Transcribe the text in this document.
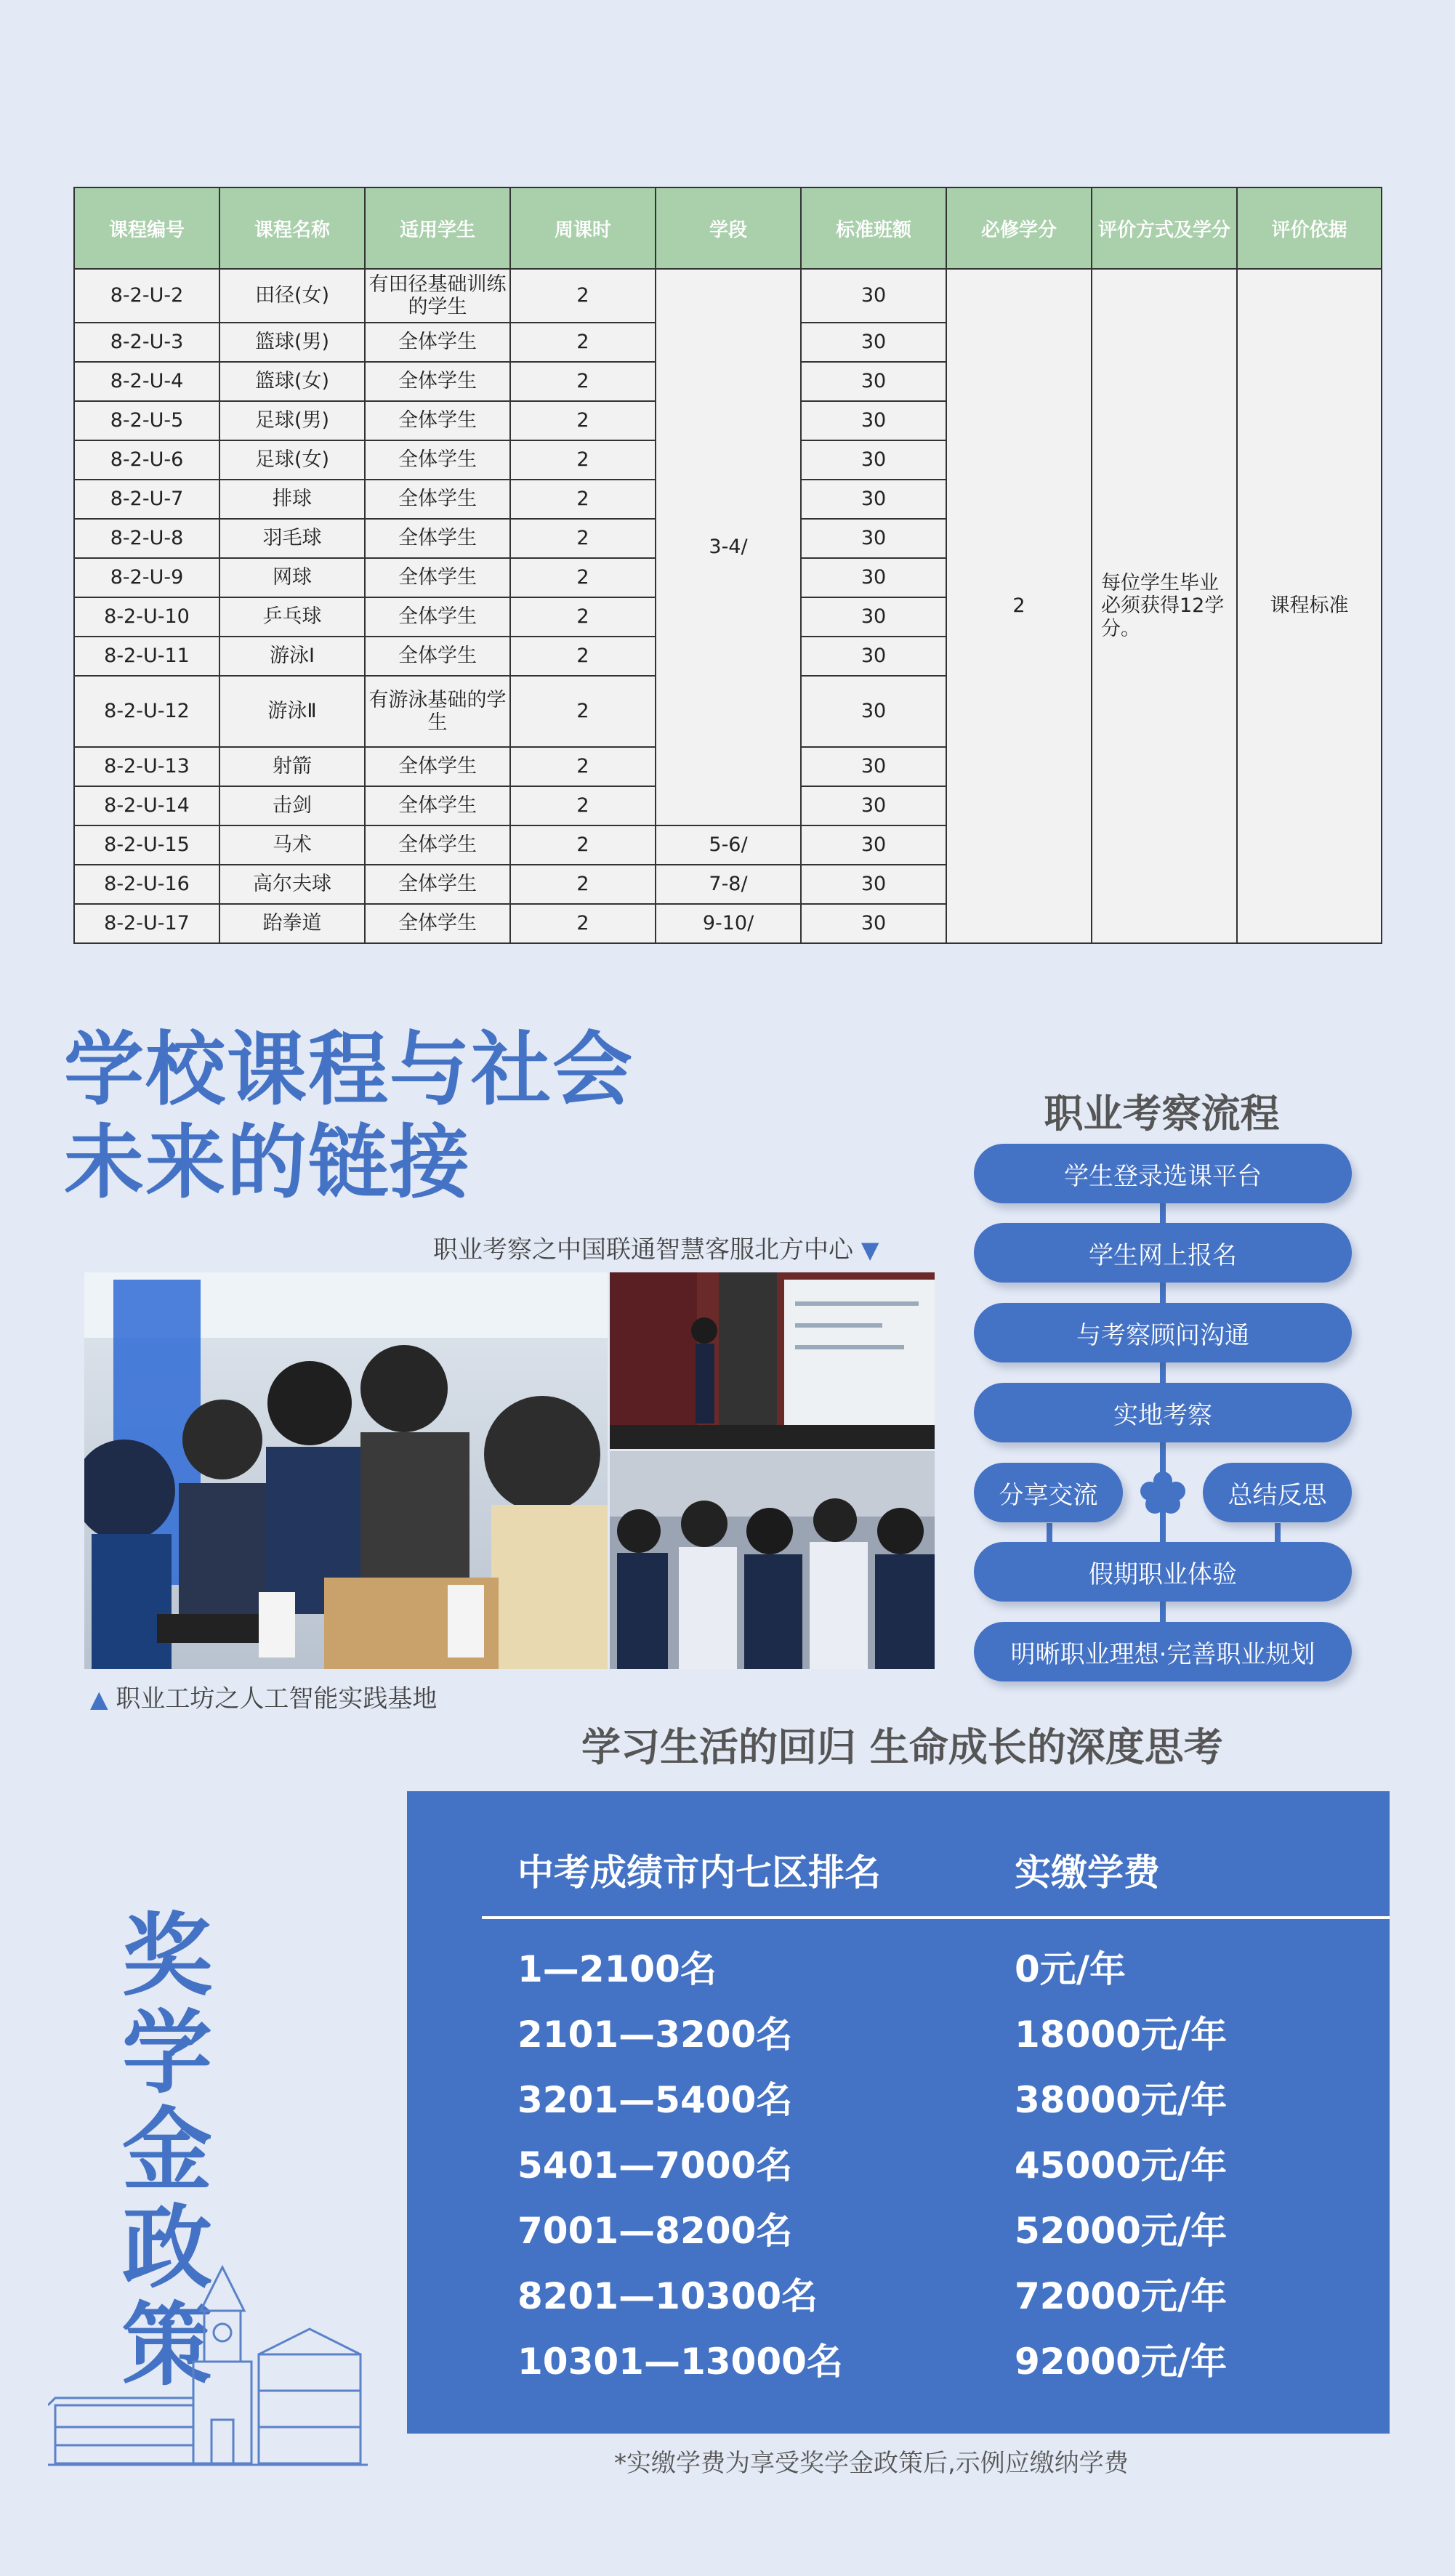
课程编号	课程名称	适用学生	周课时	学段	标准班额	必修学分	评价方式及学分	评价依据
8-2-U-2	田径(女)	有田径基础训练的学生	2	3-4/	30	2	每位学生毕业必须获得12学分。	课程标准
8-2-U-3	篮球(男)	全体学生	2		30			
8-2-U-4	篮球(女)	全体学生	2		30			
8-2-U-5	足球(男)	全体学生	2		30			
8-2-U-6	足球(女)	全体学生	2		30			
8-2-U-7	排球	全体学生	2		30			
8-2-U-8	羽毛球	全体学生	2		30			
8-2-U-9	网球	全体学生	2		30			
8-2-U-10	乒乓球	全体学生	2		30			
8-2-U-11	游泳Ⅰ	全体学生	2		30			
8-2-U-12	游泳Ⅱ	有游泳基础的学生	2		30			
8-2-U-13	射箭	全体学生	2		30			
8-2-U-14	击剑	全体学生	2		30			
8-2-U-15	马术	全体学生	2	5-6/	30			
8-2-U-16	高尔夫球	全体学生	2	7-8/	30			
8-2-U-17	跆拳道	全体学生	2	9-10/	30			
学校课程与社会
未来的链接
职业考察之中国联通智慧客服北方中心 ▼
▲ 职业工坊之人工智能实践基地
职业考察流程
学生登录选课平台
学生网上报名
与考察顾问沟通
实地考察
分享交流	总结反思
假期职业体验
明晰职业理想·完善职业规划
学习生活的回归 生命成长的深度思考
奖学金政策
中考成绩市内七区排名	实缴学费
1—2100名	0元/年
2101—3200名	18000元/年
3201—5400名	38000元/年
5401—7000名	45000元/年
7001—8200名	52000元/年
8201—10300名	72000元/年
10301—13000名	92000元/年
*实缴学费为享受奖学金政策后,示例应缴纳学费
